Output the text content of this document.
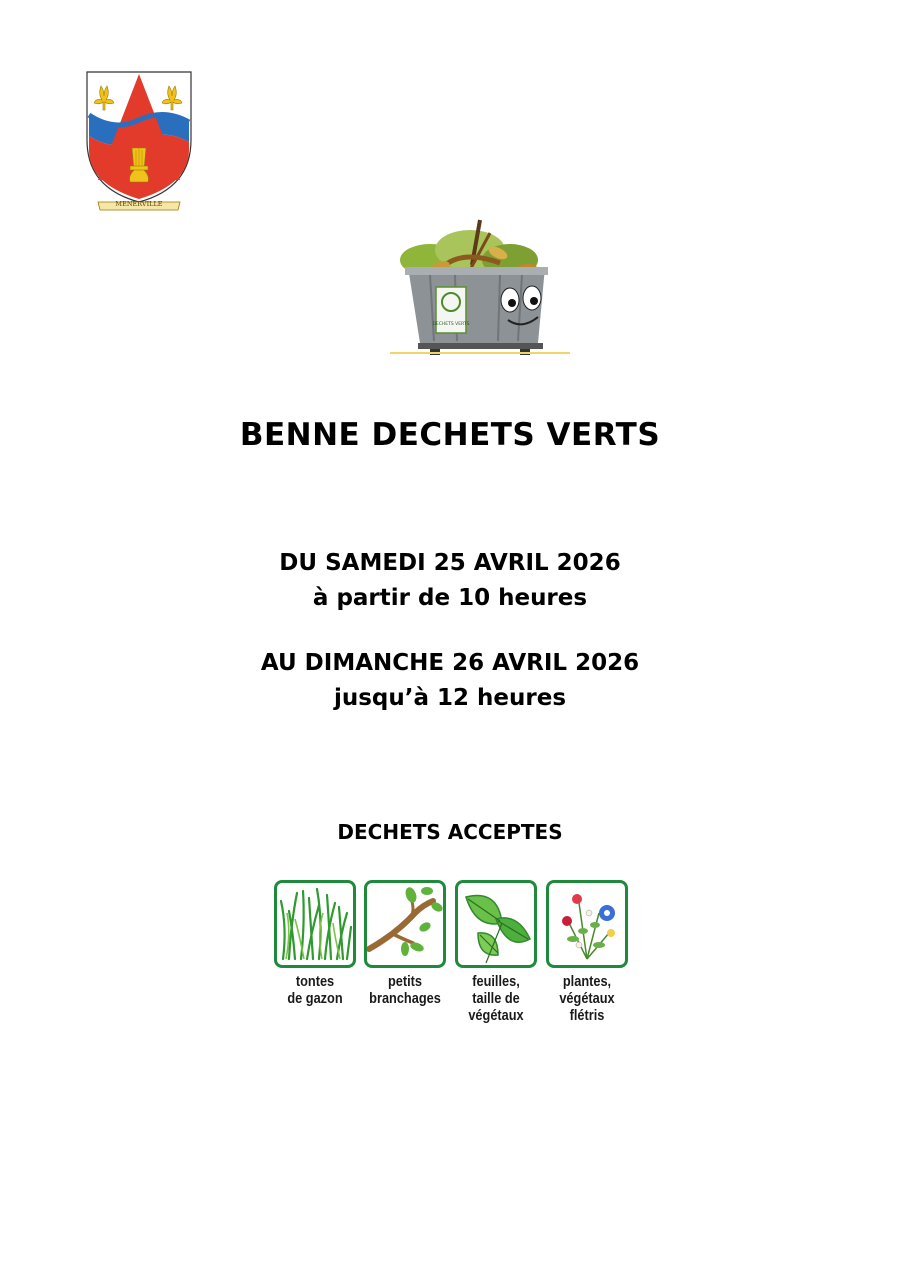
MENERVILLE
DECHETS VERTS
BENNE DECHETS VERTS
DU SAMEDI 25 AVRIL 2026
à partir de 10 heures
AU DIMANCHE 26 AVRIL 2026
jusqu’à 12 heures
DECHETS ACCEPTES
tontes
de gazon
petits
branchages
feuilles,
taille de
végétaux
plantes,
végétaux
flétris
